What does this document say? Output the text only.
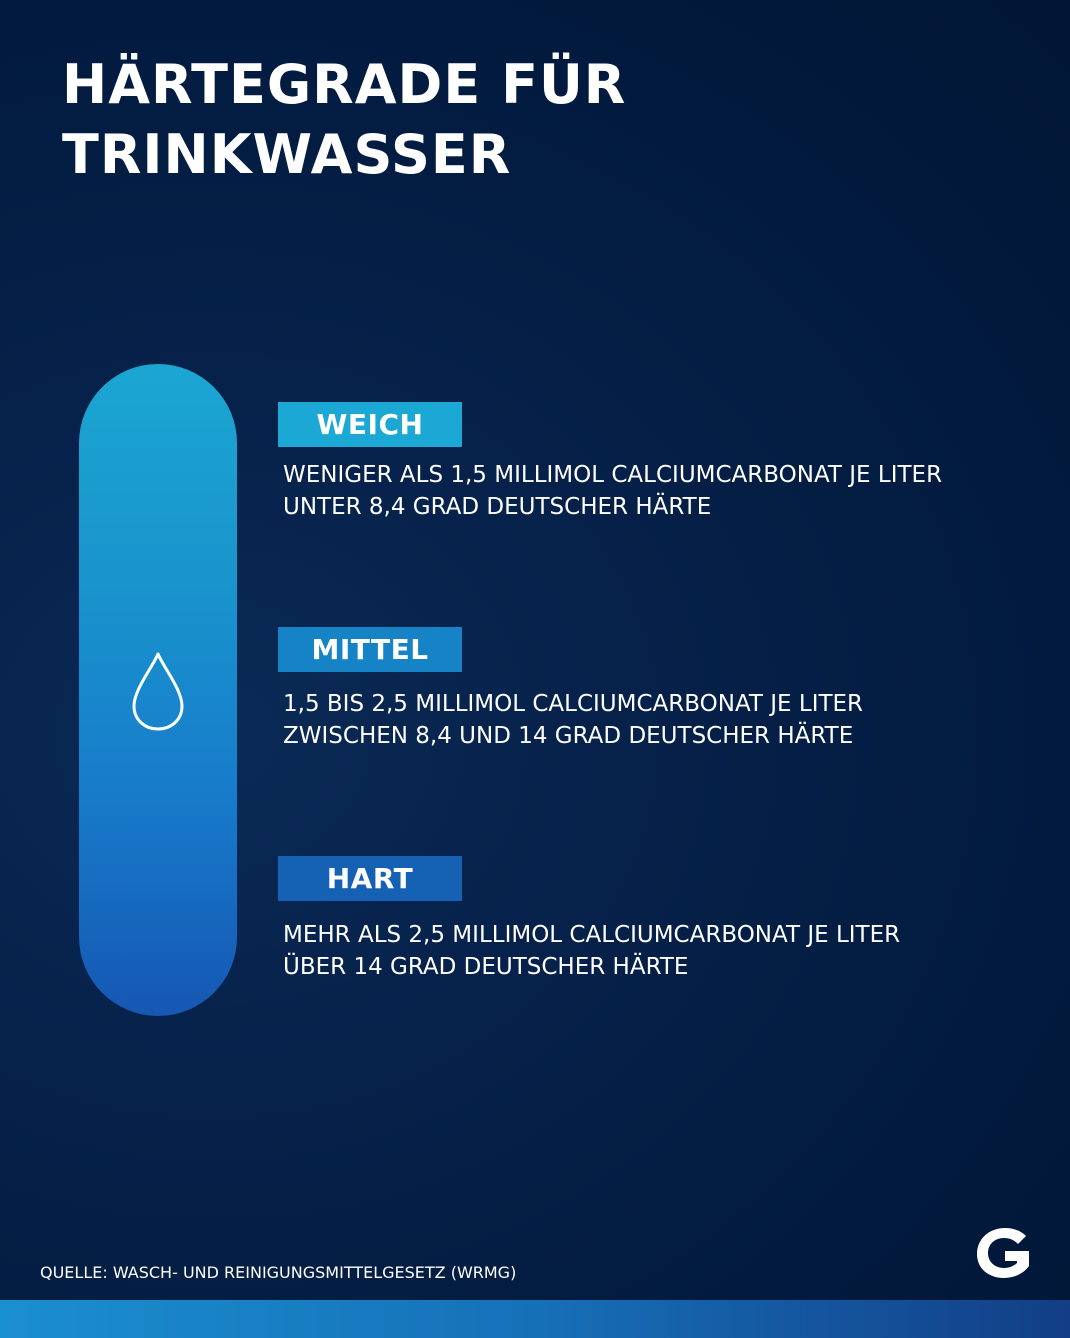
HÄRTEGRADE FÜR
TRINKWASSER
WEICH
WENIGER ALS 1,5 MILLIMOL CALCIUMCARBONAT JE LITER
UNTER 8,4 GRAD DEUTSCHER HÄRTE
MITTEL
1,5 BIS 2,5 MILLIMOL CALCIUMCARBONAT JE LITER
ZWISCHEN 8,4 UND 14 GRAD DEUTSCHER HÄRTE
HART
MEHR ALS 2,5 MILLIMOL CALCIUMCARBONAT JE LITER
ÜBER 14 GRAD DEUTSCHER HÄRTE
QUELLE: WASCH- UND REINIGUNGSMITTELGESETZ (WRMG)
